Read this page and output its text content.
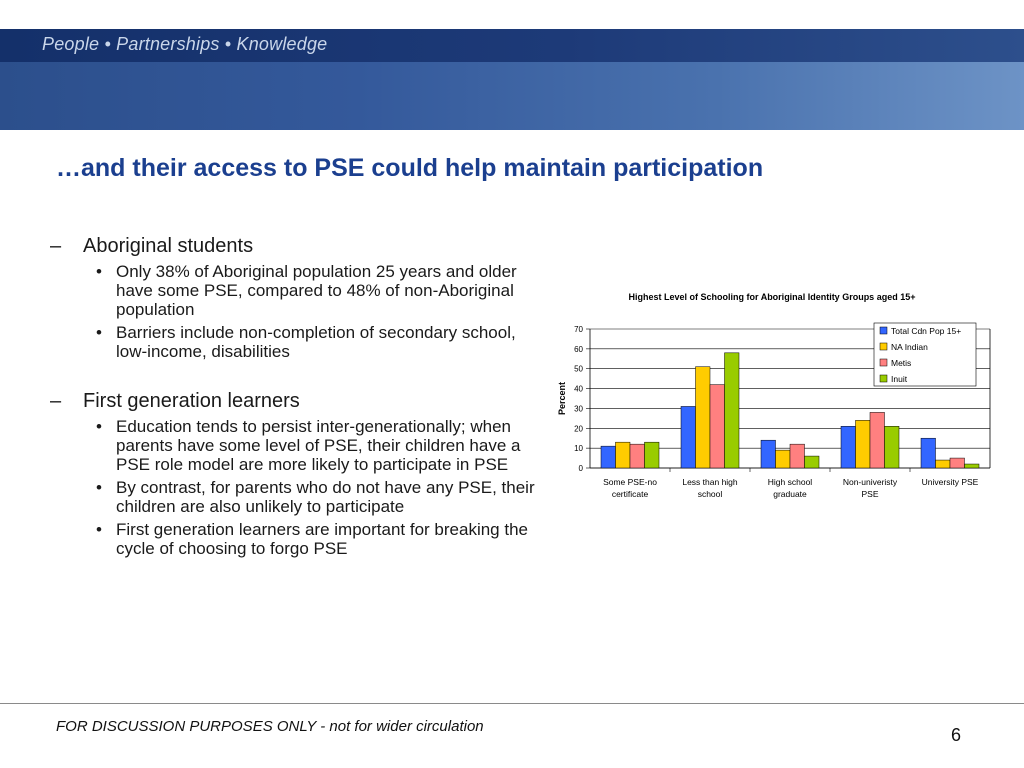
People • Partnerships • Knowledge
…and their access to PSE could help maintain participation
–	Aboriginal students
• Only 38% of Aboriginal population 25 years and older have some PSE, compared to 48% of non-Aboriginal population
• Barriers include non-completion of secondary school, low-income, disabilities
–	First generation learners
• Education tends to persist inter-generationally; when parents have some level of PSE, their children have a PSE role model are more likely to participate in PSE
• By contrast, for parents who do not have any PSE, their children are also unlikely to participate
• First generation learners are important for breaking the cycle of choosing to forgo PSE
Highest Level of Schooling for Aboriginal Identity Groups aged 15+
0
10
20
30
40
50
60
70
Percent
Some PSE-no
certificate
Less than high
school
High school
graduate
Non-univeristy
PSE
University PSE
Total Cdn Pop 15+
NA Indian
Metis
Inuit
FOR DISCUSSION PURPOSES ONLY - not for wider circulation	6
